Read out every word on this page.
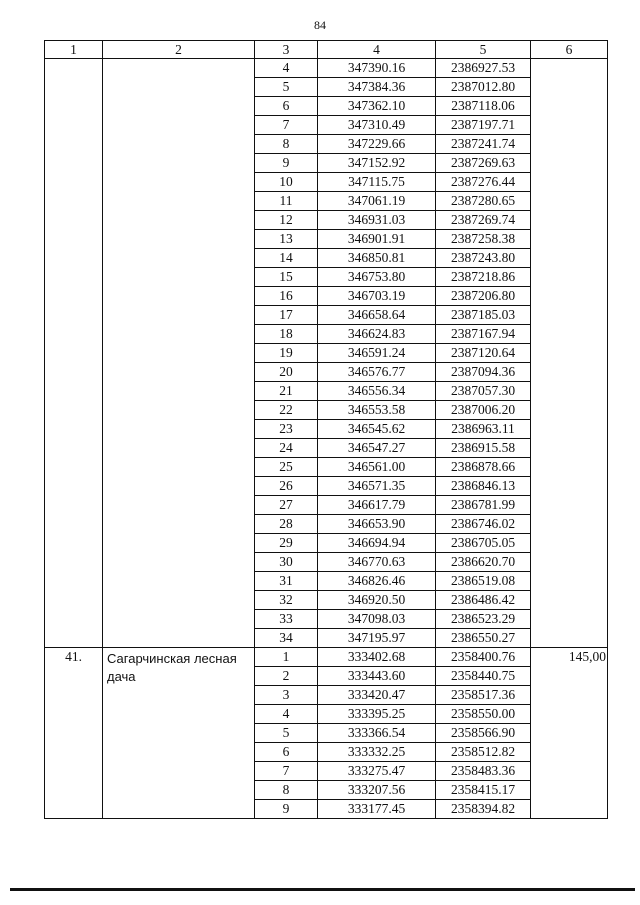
84
1	2	3	4	5	6
		4	347390.16	2386927.53	
		5	347384.36	2387012.80	
		6	347362.10	2387118.06	
		7	347310.49	2387197.71	
		8	347229.66	2387241.74	
		9	347152.92	2387269.63	
		10	347115.75	2387276.44	
		11	347061.19	2387280.65	
		12	346931.03	2387269.74	
		13	346901.91	2387258.38	
		14	346850.81	2387243.80	
		15	346753.80	2387218.86	
		16	346703.19	2387206.80	
		17	346658.64	2387185.03	
		18	346624.83	2387167.94	
		19	346591.24	2387120.64	
		20	346576.77	2387094.36	
		21	346556.34	2387057.30	
		22	346553.58	2387006.20	
		23	346545.62	2386963.11	
		24	346547.27	2386915.58	
		25	346561.00	2386878.66	
		26	346571.35	2386846.13	
		27	346617.79	2386781.99	
		28	346653.90	2386746.02	
		29	346694.94	2386705.05	
		30	346770.63	2386620.70	
		31	346826.46	2386519.08	
		32	346920.50	2386486.42	
		33	347098.03	2386523.29	
		34	347195.97	2386550.27	
41.	Сагарчинская лесная дача	1	333402.68	2358400.76	145,00
		2	333443.60	2358440.75	
		3	333420.47	2358517.36	
		4	333395.25	2358550.00	
		5	333366.54	2358566.90	
		6	333332.25	2358512.82	
		7	333275.47	2358483.36	
		8	333207.56	2358415.17	
		9	333177.45	2358394.82	
